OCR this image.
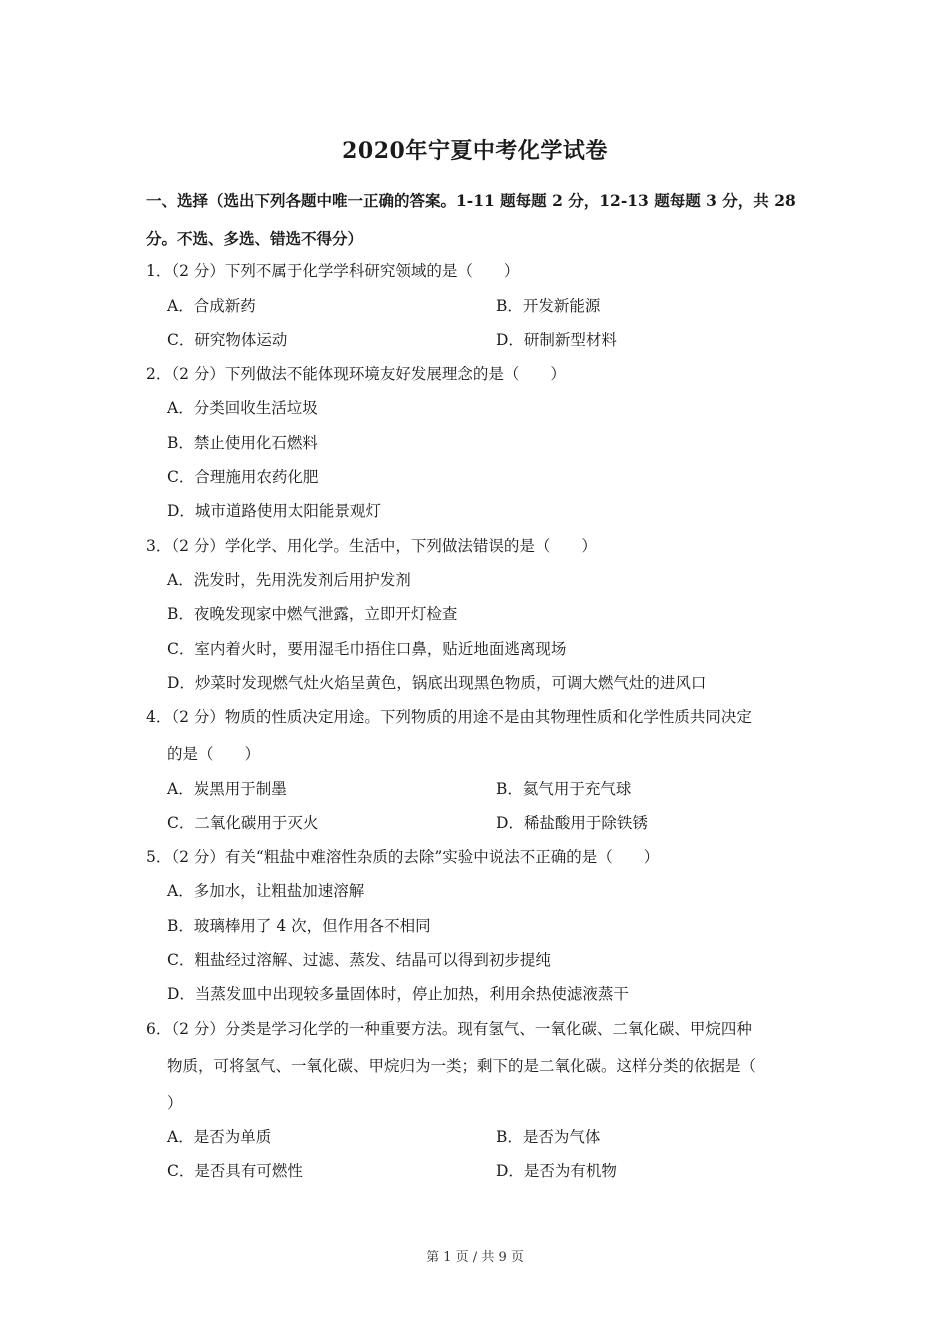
2020年宁夏中考化学试卷
一、选择（选出下列各题中唯一正确的答案。1-11 题每题 2 分，12-13 题每题 3 分，共 28
分。不选、多选、错选不得分）
1．（2 分）下列不属于化学学科研究领域的是（　　）
A．合成新药	B．开发新能源
C．研究物体运动	D．研制新型材料
2．（2 分）下列做法不能体现环境友好发展理念的是（　　）
A．分类回收生活垃圾
B．禁止使用化石燃料
C．合理施用农药化肥
D．城市道路使用太阳能景观灯
3．（2 分）学化学、用化学。生活中，下列做法错误的是（　　）
A．洗发时，先用洗发剂后用护发剂
B．夜晚发现家中燃气泄露，立即开灯检查
C．室内着火时，要用湿毛巾捂住口鼻，贴近地面逃离现场
D．炒菜时发现燃气灶火焰呈黄色，锅底出现黑色物质，可调大燃气灶的进风口
4．（2 分）物质的性质决定用途。下列物质的用途不是由其物理性质和化学性质共同决定
的是（　　）
A．炭黑用于制墨	B．氦气用于充气球
C．二氧化碳用于灭火	D．稀盐酸用于除铁锈
5．（2 分）有关“粗盐中难溶性杂质的去除”实验中说法不正确的是（　　）
A．多加水，让粗盐加速溶解
B．玻璃棒用了 4 次，但作用各不相同
C．粗盐经过溶解、过滤、蒸发、结晶可以得到初步提纯
D．当蒸发皿中出现较多量固体时，停止加热，利用余热使滤液蒸干
6．（2 分）分类是学习化学的一种重要方法。现有氢气、一氧化碳、二氧化碳、甲烷四种
物质，可将氢气、一氧化碳、甲烷归为一类；剩下的是二氧化碳。这样分类的依据是（
）
A．是否为单质	B．是否为气体
C．是否具有可燃性	D．是否为有机物
第 1 页 / 共 9 页
